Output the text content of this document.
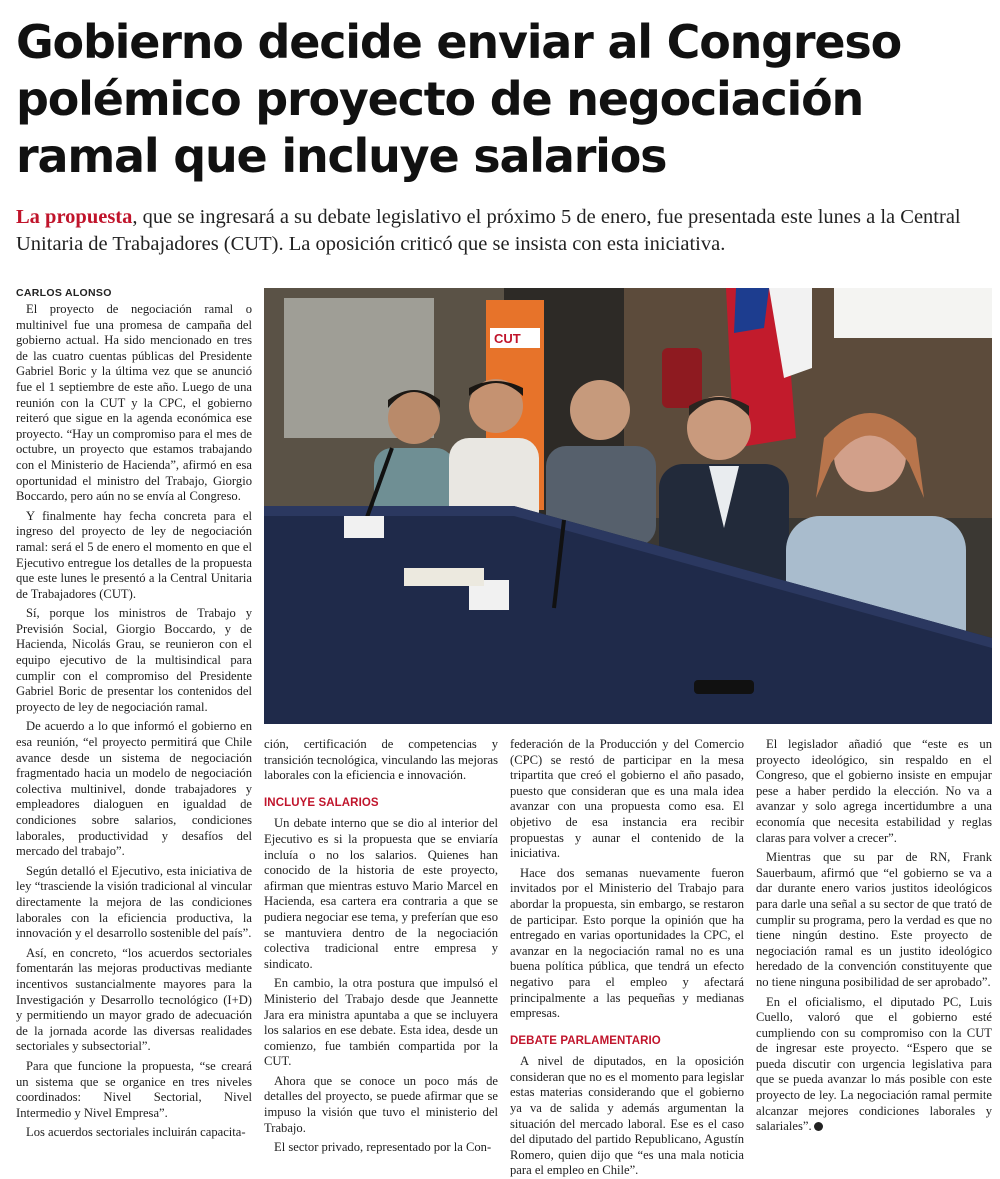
Gobierno decide enviar al Congreso
polémico proyecto de negociación
ramal que incluye salarios

La propuesta, que se ingresará a su debate legislativo el próximo 5 de enero, fue presentada este lunes a la Central Unitaria de Trabajadores (CUT). La oposición criticó que se insista con esta iniciativa.

CARLOS ALONSO
CUT

El proyecto de negociación ramal o multinivel fue una promesa de campaña del gobierno actual. Ha sido mencionado en tres de las cuatro cuentas públicas del Presidente Gabriel Boric y la última vez que se anunció fue el 1 septiembre de este año. Luego de una reunión con la CUT y la CPC, el gobierno reiteró que sigue en la agenda económica ese proyecto. “Hay un compromiso para el mes de octubre, un proyecto que estamos trabajando con el Ministerio de Hacienda”, afirmó en esa oportunidad el ministro del Trabajo, Giorgio Boccardo, pero aún no se envía al Congreso.

Y finalmente hay fecha concreta para el ingreso del proyecto de ley de negociación ramal: será el 5 de enero el momento en que el Ejecutivo entregue los detalles de la propuesta que este lunes le presentó a la Central Unitaria de Trabajadores (CUT).

Sí, porque los ministros de Trabajo y Previsión Social, Giorgio Boccardo, y de Hacienda, Nicolás Grau, se reunieron con el equipo ejecutivo de la multisindical para cumplir con el compromiso del Presidente Gabriel Boric de presentar los contenidos del proyecto de ley de negociación ramal.

De acuerdo a lo que informó el gobierno en esa reunión, “el proyecto permitirá que Chile avance desde un sistema de negociación fragmentado hacia un modelo de negociación colectiva multinivel, donde trabajadores y empleadores dialoguen en igualdad de condiciones sobre salarios, condiciones laborales, productividad y desafíos del mercado del trabajo”.

Según detalló el Ejecutivo, esta iniciativa de ley “trasciende la visión tradicional al vincular directamente la mejora de las condiciones laborales con la eficiencia productiva, la innovación y el desarrollo sostenible del país”.

Así, en concreto, “los acuerdos sectoriales fomentarán las mejoras productivas mediante incentivos sustancialmente mayores para la Investigación y Desarrollo tecnológico (I+D) y permitiendo un mayor grado de adecuación de la jornada acorde las diversas realidades sectoriales y subsectorial”.

Para que funcione la propuesta, “se creará un sistema que se organice en tres niveles coordinados: Nivel Sectorial, Nivel Intermedio y Nivel Empresa”.

Los acuerdos sectoriales incluirán capacita-

ción, certificación de competencias y transición tecnológica, vinculando las mejoras laborales con la eficiencia e innovación.

INCLUYE SALARIOS

Un debate interno que se dio al interior del Ejecutivo es si la propuesta que se enviaría incluía o no los salarios. Quienes han conocido de la historia de este proyecto, afirman que mientras estuvo Mario Marcel en Hacienda, esa cartera era contraria a que se pudiera negociar ese tema, y preferían que eso se mantuviera dentro de la negociación colectiva tradicional entre empresa y sindicato.

En cambio, la otra postura que impulsó el Ministerio del Trabajo desde que Jeannette Jara era ministra apuntaba a que se incluyera los salarios en ese debate. Esta idea, desde un comienzo, fue también compartida por la CUT.

Ahora que se conoce un poco más de detalles del proyecto, se puede afirmar que se impuso la visión que tuvo el ministerio del Trabajo.

El sector privado, representado por la Con-

federación de la Producción y del Comercio (CPC) se restó de participar en la mesa tripartita que creó el gobierno el año pasado, puesto que consideran que es una mala idea avanzar con una propuesta como esa. El objetivo de esa instancia era recibir propuestas y aunar el contenido de la iniciativa.

Hace dos semanas nuevamente fueron invitados por el Ministerio del Trabajo para abordar la propuesta, sin embargo, se restaron de participar. Esto porque la opinión que ha entregado en varias oportunidades la CPC, el avanzar en la negociación ramal no es una buena política pública, que tendrá un efecto negativo para el empleo y afectará principalmente a las pequeñas y medianas empresas.

DEBATE PARLAMENTARIO

A nivel de diputados, en la oposición consideran que no es el momento para legislar estas materias considerando que el gobierno ya va de salida y además argumentan la situación del mercado laboral. Ese es el caso del diputado del partido Republicano, Agustín Romero, quien dijo que “es una mala noticia para el empleo en Chile”.

El legislador añadió que “este es un proyecto ideológico, sin respaldo en el Congreso, que el gobierno insiste en empujar pese a haber perdido la elección. No va a avanzar y solo agrega incertidumbre a una economía que necesita estabilidad y reglas claras para volver a crecer”.

Mientras que su par de RN, Frank Sauerbaum, afirmó que “el gobierno se va a dar durante enero varios justitos ideológicos para darle una señal a su sector de que trató de cumplir su programa, pero la verdad es que no tiene ningún destino. Este proyecto de negociación ramal es un justito ideológico heredado de la convención constituyente que no tiene ninguna posibilidad de ser aprobado”.

En el oficialismo, el diputado PC, Luis Cuello, valoró que el gobierno esté cumpliendo con su compromiso con la CUT de ingresar este proyecto. “Espero que se pueda discutir con urgencia legislativa para que se pueda avanzar lo más posible con este proyecto de ley. La negociación ramal permite alcanzar mejores condiciones laborales y salariales”.
